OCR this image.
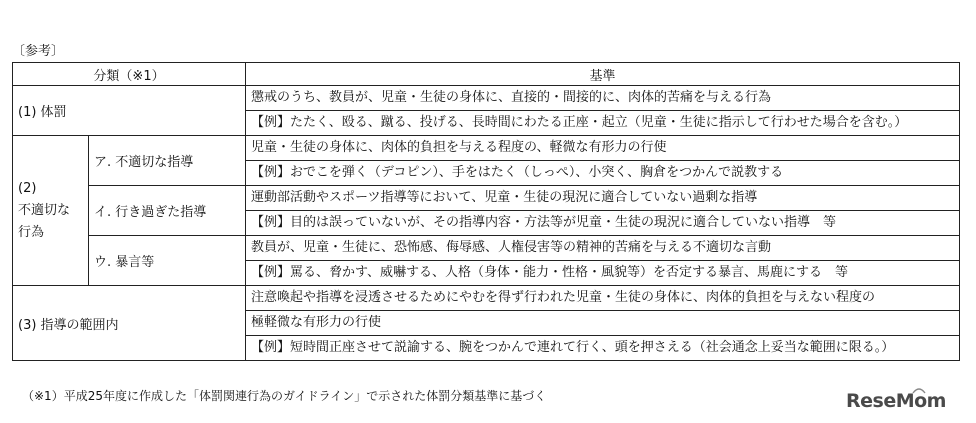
〔参考〕
分類（※1）		基準
(1) 体罰		懲戒のうち、教員が、児童・生徒の身体に、直接的・間接的に、肉体的苦痛を与える行為
		【例】たたく、殴る、蹴る、投げる、長時間にわたる正座・起立（児童・生徒に指示して行わせた場合を含む。）
(2)
不適切な
行為	ア. 不適切な指導	児童・生徒の身体に、肉体的負担を与える程度の、軽微な有形力の行使
		【例】おでこを弾く（デコピン）、手をはたく（しっぺ）、小突く、胸倉をつかんで説教する
	イ. 行き過ぎた指導	運動部活動やスポーツ指導等において、児童・生徒の現況に適合していない過剰な指導
		【例】目的は誤っていないが、その指導内容・方法等が児童・生徒の現況に適合していない指導　等
	ウ. 暴言等	教員が、児童・生徒に、恐怖感、侮辱感、人権侵害等の精神的苦痛を与える不適切な言動
		【例】罵る、脅かす、威嚇する、人格（身体・能力・性格・風貌等）を否定する暴言、馬鹿にする　等
(3) 指導の範囲内		注意喚起や指導を浸透させるためにやむを得ず行われた児童・生徒の身体に、肉体的負担を与えない程度の
		極軽微な有形力の行使
		【例】短時間正座させて説諭する、腕をつかんで連れて行く、頭を押さえる（社会通念上妥当な範囲に限る。）
（※1）平成25年度に作成した「体罰関連行為のガイドライン」で示された体罰分類基準に基づく	ReseMom
